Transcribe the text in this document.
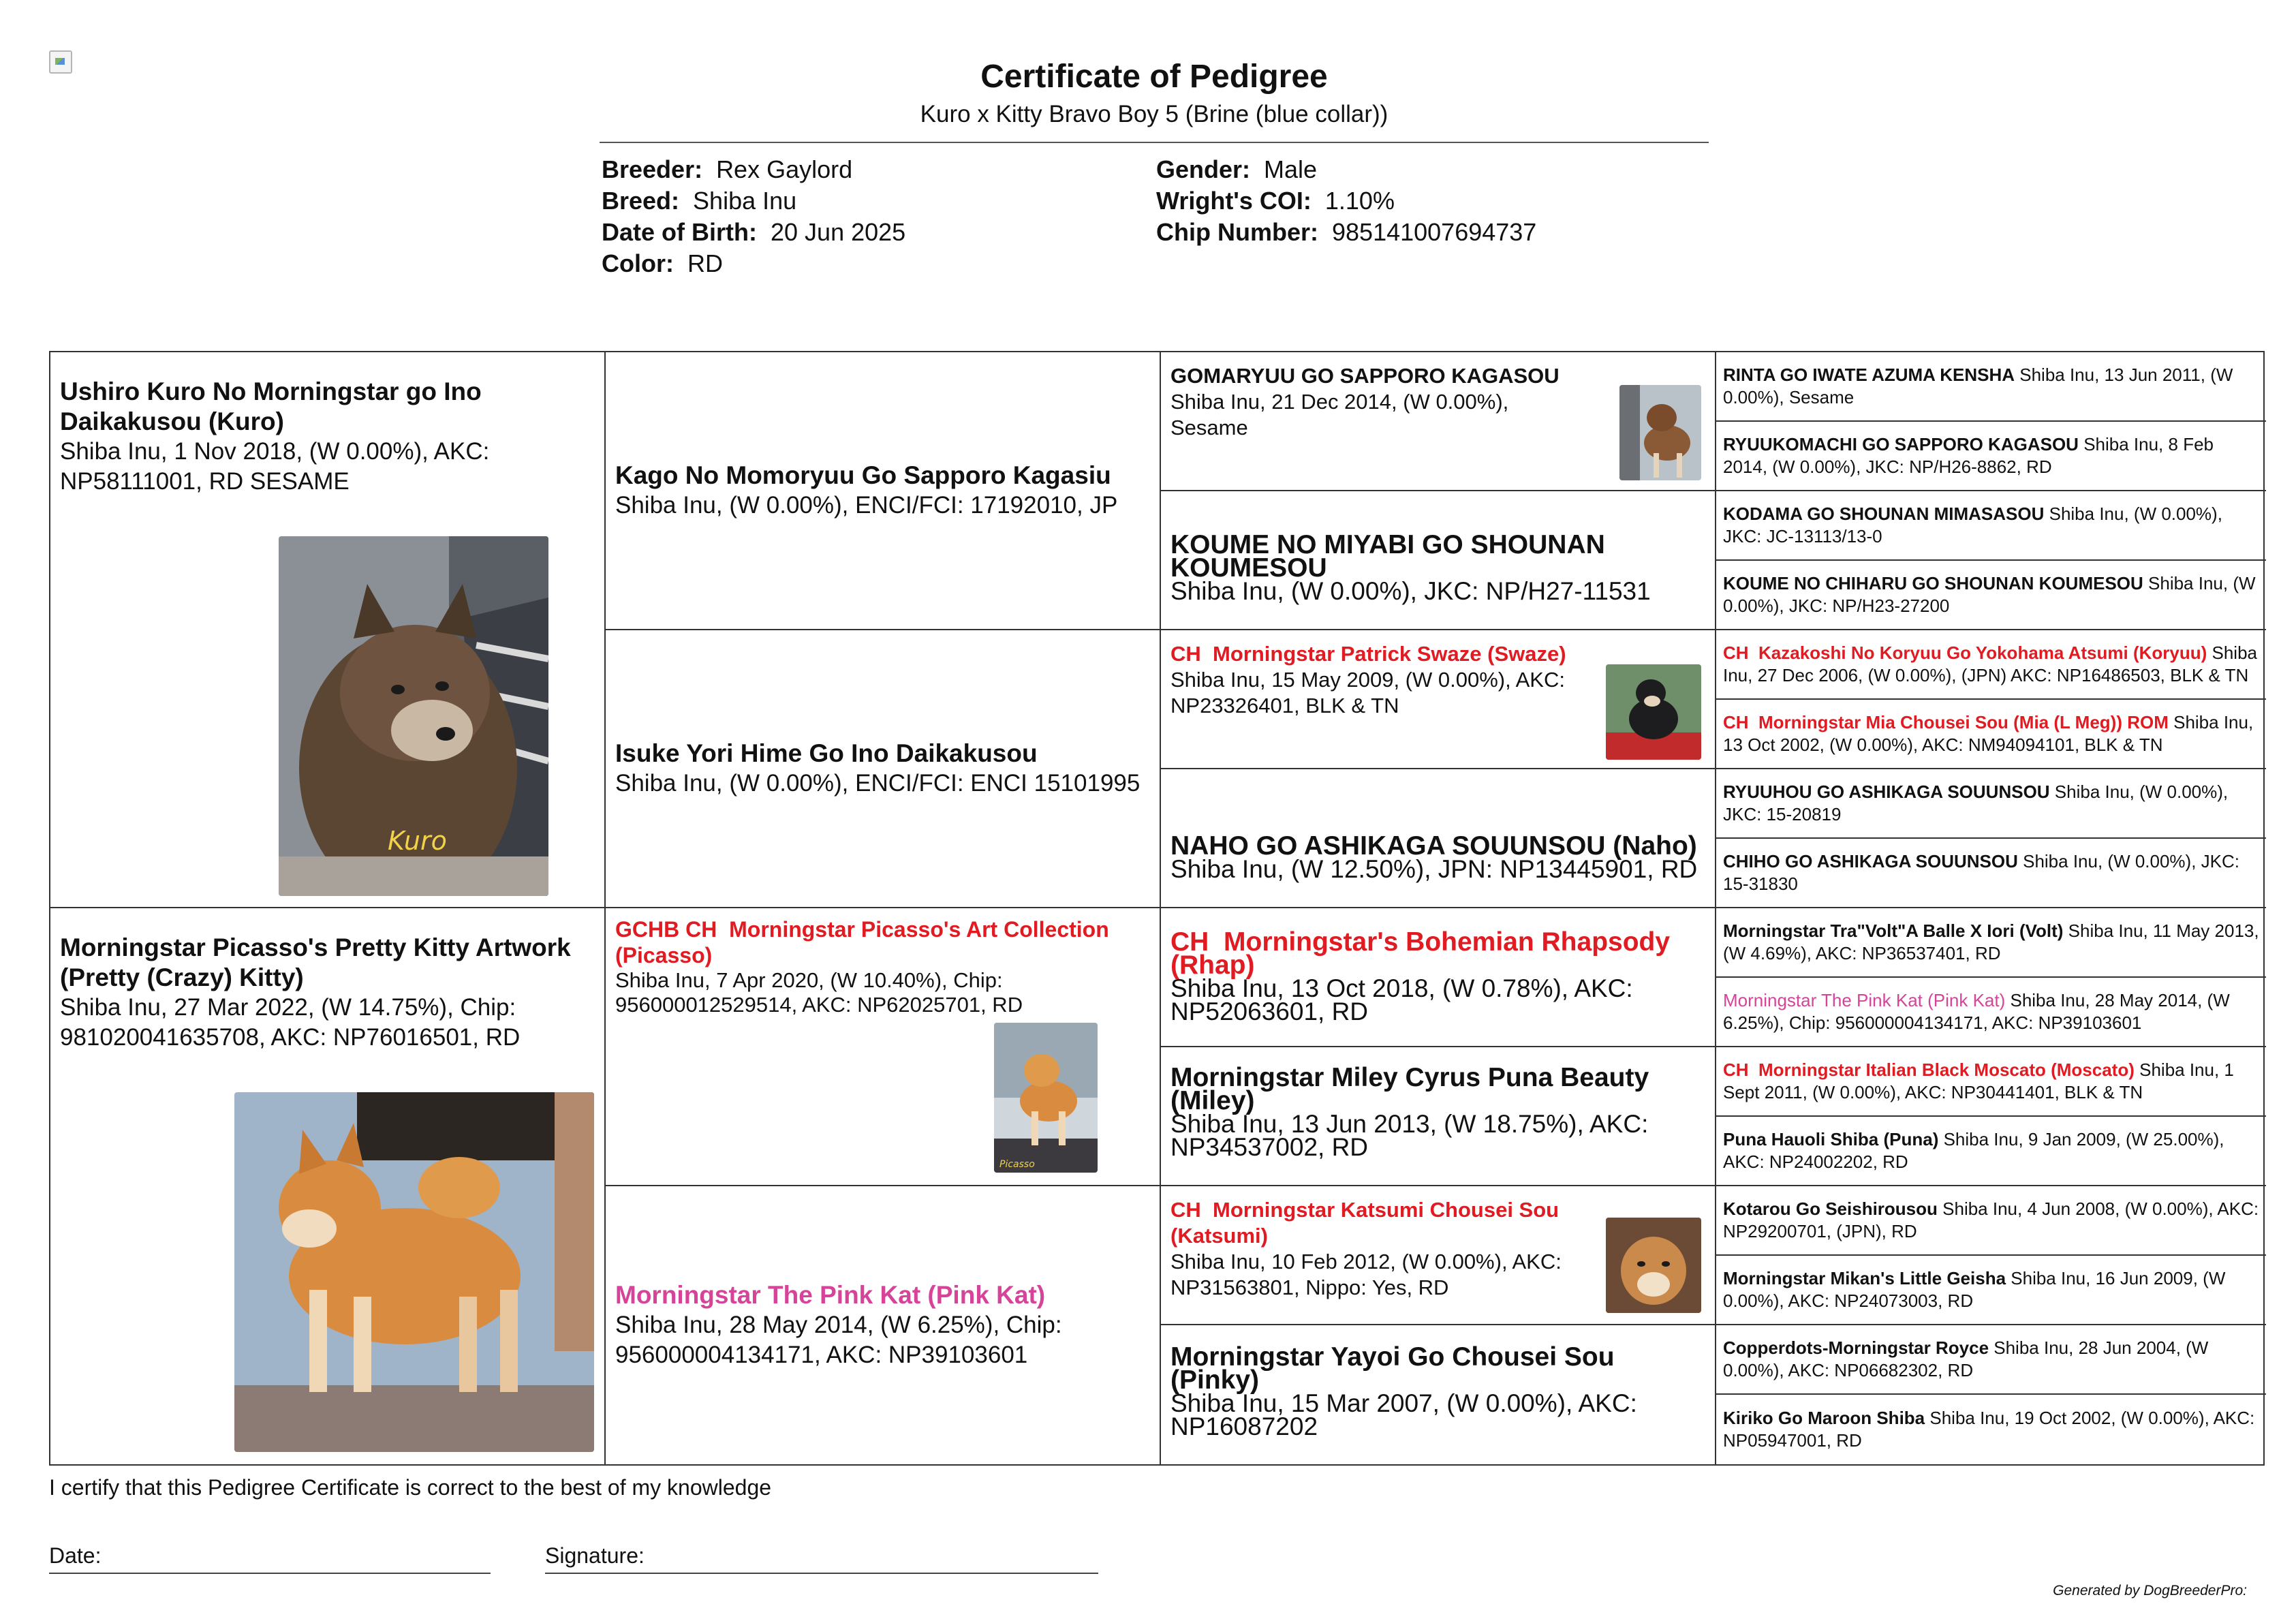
Certificate of Pedigree
Kuro x Kitty Bravo Boy 5 (Brine (blue collar))
Breeder: Rex Gaylord
Breed: Shiba Inu
Date of Birth: 20 Jun 2025
Color: RD
Gender: Male
Wright's COI: 1.10%
Chip Number: 985141007694737
Ushiro Kuro No Morningstar go Ino Daikakusou (Kuro)
Shiba Inu, 1 Nov 2018, (W 0.00%), AKC: NP58111001, RD SESAME
Kuro
Morningstar Picasso's Pretty Kitty Artwork (Pretty (Crazy) Kitty)
Shiba Inu, 27 Mar 2022, (W 14.75%), Chip: 981020041635708, AKC: NP76016501, RD
Kago No Momoryuu Go Sapporo Kagasiu
Shiba Inu, (W 0.00%), ENCI/FCI: 17192010, JP
Isuke Yori Hime Go Ino Daikakusou
Shiba Inu, (W 0.00%), ENCI/FCI: ENCI 15101995
GCHB CH Morningstar Picasso's Art Collection (Picasso)
Shiba Inu, 7 Apr 2020, (W 10.40%), Chip: 956000012529514, AKC: NP62025701, RD
Picasso
Morningstar The Pink Kat (Pink Kat)
Shiba Inu, 28 May 2014, (W 6.25%), Chip: 956000004134171, AKC: NP39103601
GOMARYUU GO SAPPORO KAGASOU
Shiba Inu, 21 Dec 2014, (W 0.00%), Sesame
KOUME NO MIYABI GO SHOUNAN KOUMESOU
Shiba Inu, (W 0.00%), JKC: NP/H27-11531
CH Morningstar Patrick Swaze (Swaze)
Shiba Inu, 15 May 2009, (W 0.00%), AKC: NP23326401, BLK & TN
NAHO GO ASHIKAGA SOUUNSOU (Naho)
Shiba Inu, (W 12.50%), JPN: NP13445901, RD
CH Morningstar's Bohemian Rhapsody (Rhap)
Shiba Inu, 13 Oct 2018, (W 0.78%), AKC: NP52063601, RD
Morningstar Miley Cyrus Puna Beauty (Miley)
Shiba Inu, 13 Jun 2013, (W 18.75%), AKC: NP34537002, RD
CH Morningstar Katsumi Chousei Sou (Katsumi)
Shiba Inu, 10 Feb 2012, (W 0.00%), AKC: NP31563801, Nippo: Yes, RD
Morningstar Yayoi Go Chousei Sou (Pinky)
Shiba Inu, 15 Mar 2007, (W 0.00%), AKC: NP16087202
RINTA GO IWATE AZUMA KENSHA Shiba Inu, 13 Jun 2011, (W 0.00%), Sesame
RYUUKOMACHI GO SAPPORO KAGASOU Shiba Inu, 8 Feb 2014, (W 0.00%), JKC: NP/H26-8862, RD
KODAMA GO SHOUNAN MIMASASOU Shiba Inu, (W 0.00%), JKC: JC-13113/13-0
KOUME NO CHIHARU GO SHOUNAN KOUMESOU Shiba Inu, (W 0.00%), JKC: NP/H23-27200
CH Kazakoshi No Koryuu Go Yokohama Atsumi (Koryuu) Shiba Inu, 27 Dec 2006, (W 0.00%), (JPN) AKC: NP16486503, BLK & TN
CH Morningstar Mia Chousei Sou (Mia (L Meg)) ROM Shiba Inu, 13 Oct 2002, (W 0.00%), AKC: NM94094101, BLK & TN
RYUUHOU GO ASHIKAGA SOUUNSOU Shiba Inu, (W 0.00%), JKC: 15-20819
CHIHO GO ASHIKAGA SOUUNSOU Shiba Inu, (W 0.00%), JKC: 15-31830
Morningstar Tra"Volt"A Balle X Iori (Volt) Shiba Inu, 11 May 2013, (W 4.69%), AKC: NP36537401, RD
Morningstar The Pink Kat (Pink Kat) Shiba Inu, 28 May 2014, (W 6.25%), Chip: 956000004134171, AKC: NP39103601
CH Morningstar Italian Black Moscato (Moscato) Shiba Inu, 1 Sept 2011, (W 0.00%), AKC: NP30441401, BLK & TN
Puna Hauoli Shiba (Puna) Shiba Inu, 9 Jan 2009, (W 25.00%), AKC: NP24002202, RD
Kotarou Go Seishirousou Shiba Inu, 4 Jun 2008, (W 0.00%), AKC: NP29200701, (JPN), RD
Morningstar Mikan's Little Geisha Shiba Inu, 16 Jun 2009, (W 0.00%), AKC: NP24073003, RD
Copperdots-Morningstar Royce Shiba Inu, 28 Jun 2004, (W 0.00%), AKC: NP06682302, RD
Kiriko Go Maroon Shiba Shiba Inu, 19 Oct 2002, (W 0.00%), AKC: NP05947001, RD
I certify that this Pedigree Certificate is correct to the best of my knowledge
Date:	Signature:
Generated by DogBreederPro:
